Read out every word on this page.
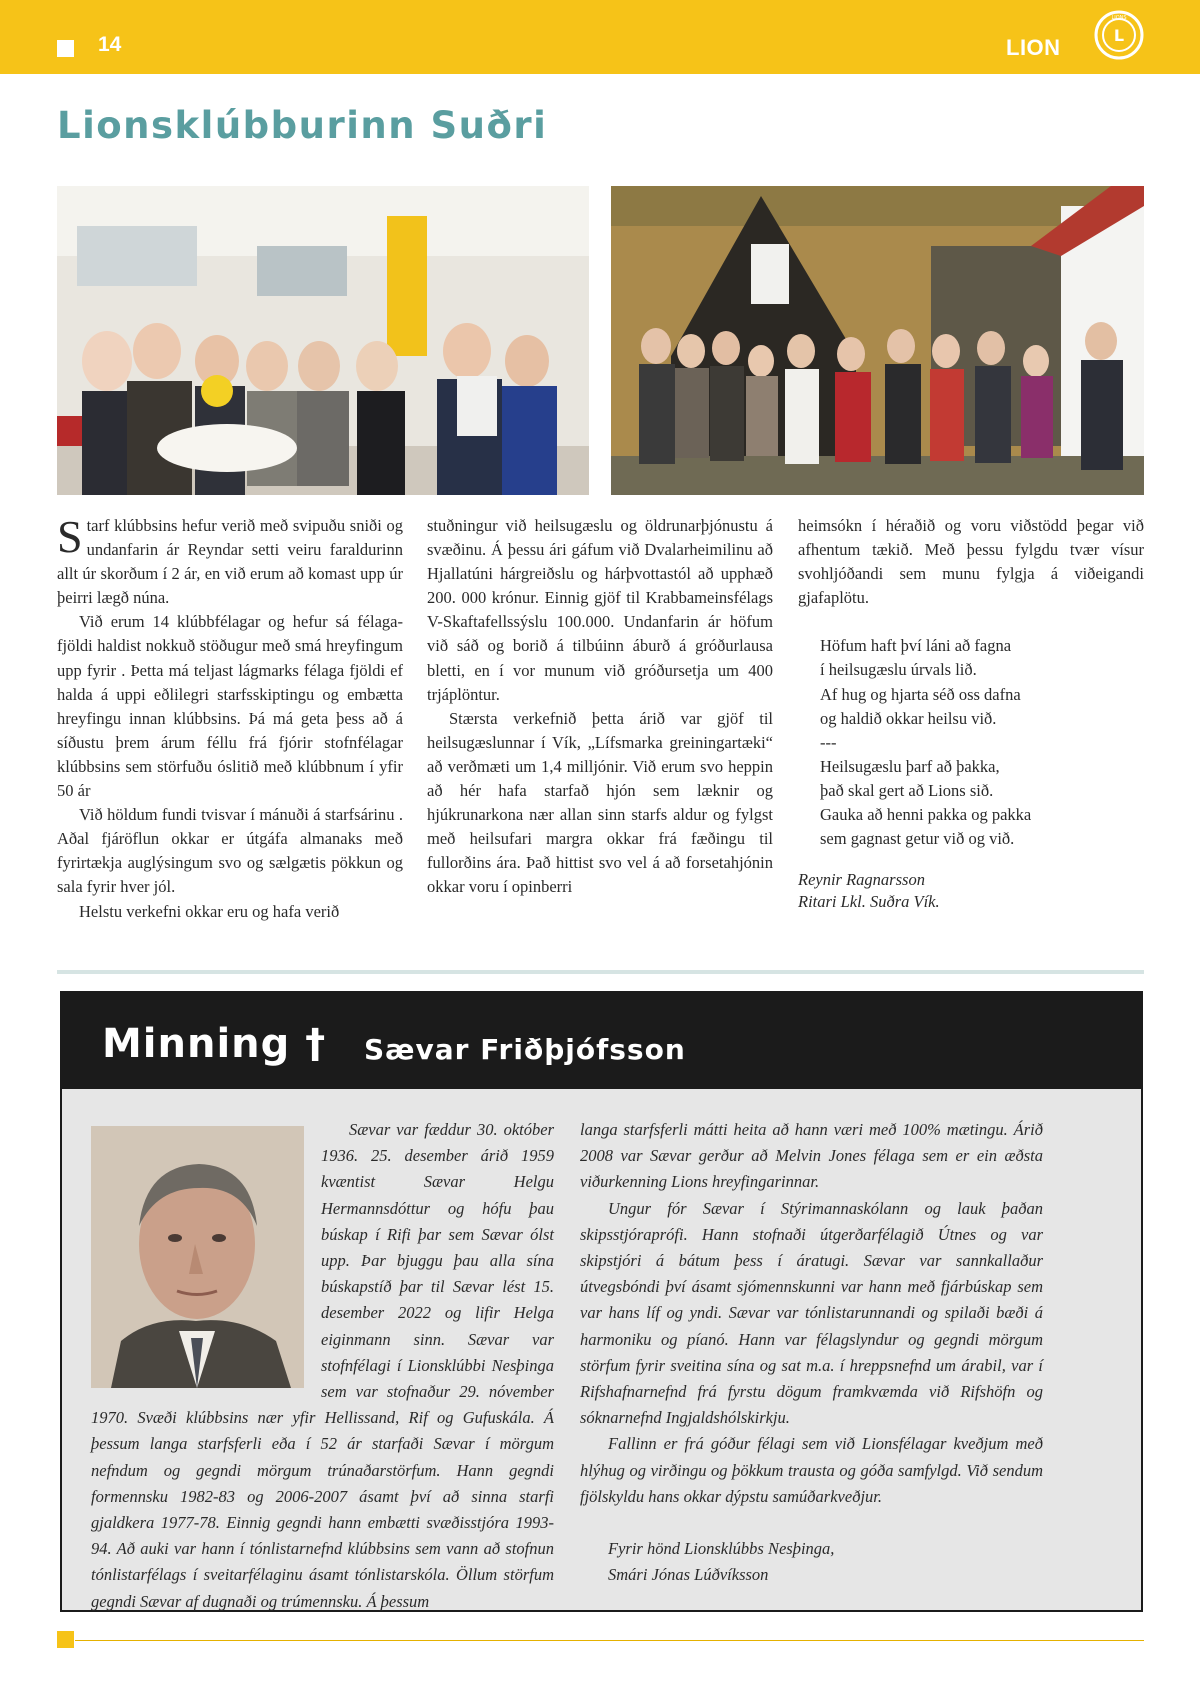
14	LION	L
LIONS
Lionsklúbburinn Suðri

Starf klúbbsins hefur verið með svipuðu sniði og undanfarin ár Reyndar setti veiru faraldurinn allt úr skorðum í 2 ár, en við erum að komast upp úr þeirri lægð núna.

Við erum 14 klúbbfélagar og hefur sá félagafjöldi haldist nokkuð stöðugur með smá hreyfingum upp fyrir . Þetta má teljast lágmarks félaga fjöldi ef halda á uppi eðlilegri starfsskiptingu og embætta hreyfingu innan klúbbsins. Þá má geta þess að á síðustu þrem árum féllu frá fjórir stofnfélagar klúbbsins sem störfuðu óslitið með klúbbnum í yfir 50 ár

Við höldum fundi tvisvar í mánuði á starfsárinu . Aðal fjáröflun okkar er útgáfa almanaks með fyrirtækja auglýsingum svo og sælgætis pökkun og sala fyrir hver jól.

Helstu verkefni okkar eru og hafa verið

stuðningur við heilsugæslu og öldrunarþjónustu á svæðinu. Á þessu ári gáfum við Dvalarheimilinu að Hjallatúni hárgreiðslu og hárþvottastól að upphæð 200. 000 krónur. Einnig gjöf til Krabbameinsfélags V-Skaftafellssýslu 100.000. Undanfarin ár höfum við sáð og borið á tilbúinn áburð á gróðurlausa bletti, en í vor munum við gróðursetja um 400 trjáplöntur.

Stærsta verkefnið þetta árið var gjöf til heilsugæslunnar í Vík, „Lífsmarka greiningartæki“ að verðmæti um 1,4 milljónir. Við erum svo heppin að hér hafa starfað hjón sem læknir og hjúkrunarkona nær allan sinn starfs aldur og fylgst með heilsufari margra okkar frá fæðingu til fullorðins ára. Það hittist svo vel á að forsetahjónin okkar voru í opinberri

heimsókn í héraðið og voru viðstödd þegar við afhentum tækið. Með þessu fylgdu tvær vísur svohljóðandi sem munu fylgja á viðeigandi gjafaplötu.

Höfum haft því láni að fagna
í heilsugæslu úrvals lið.
Af hug og hjarta séð oss dafna
og haldið okkar heilsu við.
---
Heilsugæslu þarf að þakka,
það skal gert að Lions sið.
Gauka að henni pakka og pakka
sem gagnast getur við og við.
Reynir Ragnarsson
Ritari Lkl. Suðra Vík.
Minning † Sævar Friðþjófsson

Sævar var fæddur 30. október 1936. 25. desember árið 1959 kvæntist Sævar Helgu Hermannsdóttur og hófu þau búskap í Rifi þar sem Sævar ólst upp. Þar bjuggu þau alla sína búskapstíð þar til Sævar lést 15. desember 2022 og lifir Helga eiginmann sinn. Sævar var stofnfélagi í Lionsklúbbi Nesþinga sem var stofnaður 29. nóvember 1970. Svæði klúbbsins nær yfir Hellissand, Rif og Gufuskála. Á þessum langa starfsferli eða í 52 ár starfaði Sævar í mörgum nefndum og gegndi mörgum trúnaðarstörfum. Hann gegndi formennsku 1982-83 og 2006-2007 ásamt því að sinna starfi gjaldkera 1977-78. Einnig gegndi hann embætti svæðisstjóra 1993-94. Að auki var hann í tónlistarnefnd klúbbsins sem vann að stofnun tónlistarfélags í sveitarfélaginu ásamt tónlistarskóla. Öllum störfum gegndi Sævar af dugnaði og trúmennsku. Á þessum

langa starfsferli mátti heita að hann væri með 100% mætingu. Árið 2008 var Sævar gerður að Melvin Jones félaga sem er ein æðsta viðurkenning Lions hreyfingarinnar.

Ungur fór Sævar í Stýrimannaskólann og lauk þaðan skipsstjóraprófi. Hann stofnaði útgerðarfélagið Útnes og var skipstjóri á bátum þess í áratugi. Sævar var sannkallaður útvegsbóndi því ásamt sjómennskunni var hann með fjárbúskap sem var hans líf og yndi. Sævar var tónlistarunnandi og spilaði bæði á harmoniku og píanó. Hann var félagslyndur og gegndi mörgum störfum fyrir sveitina sína og sat m.a. í hreppsnefnd um árabil, var í Rifshafnarnefnd frá fyrstu dögum framkvæmda við Rifshöfn og sóknarnefnd Ingjaldshólskirkju.

Fallinn er frá góður félagi sem við Lionsfélagar kveðjum með hlýhug og virðingu og þökkum trausta og góða samfylgd. Við sendum fjölskyldu hans okkar dýpstu samúðarkveðjur.

Fyrir hönd Lionsklúbbs Nesþinga,
Smári Jónas Lúðvíksson
